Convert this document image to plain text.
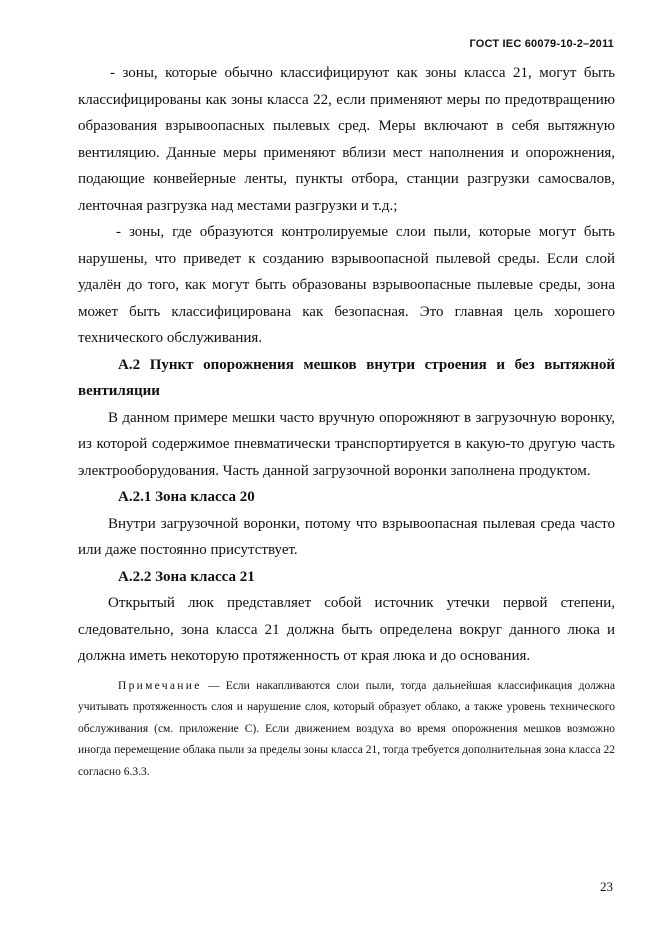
ГОСТ IEC 60079-10-2–2011

- зоны, которые обычно классифицируют как зоны класса 21, могут быть классифицированы как зоны класса 22, если применяют меры по предотвращению образования взрывоопасных пылевых сред. Меры включают в себя вытяжную вентиляцию. Данные меры применяют вблизи мест наполнения и опорожнения, подающие конвейерные ленты, пункты отбора, станции разгрузки самосвалов, ленточная разгрузка над местами разгрузки и т.д.;

- зоны, где образуются контролируемые слои пыли, которые могут быть нарушены, что приведет к созданию взрывоопасной пылевой среды. Если слой удалён до того, как могут быть образованы взрывоопасные пылевые среды, зона может быть классифицирована как безопасная. Это главная цель хорошего технического обслуживания.

А.2 Пункт опорожнения мешков внутри строения и без вытяжной вентиляции

В данном примере мешки часто вручную опорожняют в загрузочную воронку, из которой содержимое пневматически транспортируется в какую-то другую часть электрооборудования. Часть данной загрузочной воронки заполнена продуктом.

А.2.1 Зона класса 20

Внутри загрузочной воронки, потому что взрывоопасная пылевая среда часто или даже постоянно присутствует.

А.2.2 Зона класса 21

Открытый люк представляет собой источник утечки первой степени, следовательно, зона класса 21 должна быть определена вокруг данного люка и должна иметь некоторую протяженность от края люка и до основания.

Примечание — Если накапливаются слои пыли, тогда дальнейшая классификация должна учитывать протяженность слоя и нарушение слоя, который образует облако, а также уровень технического обслуживания (см. приложение С). Если движением воздуха во время опорожнения мешков возможно иногда перемещение облака пыли за пределы зоны класса 21, тогда требуется дополнительная зона класса 22 согласно 6.3.3.
23
